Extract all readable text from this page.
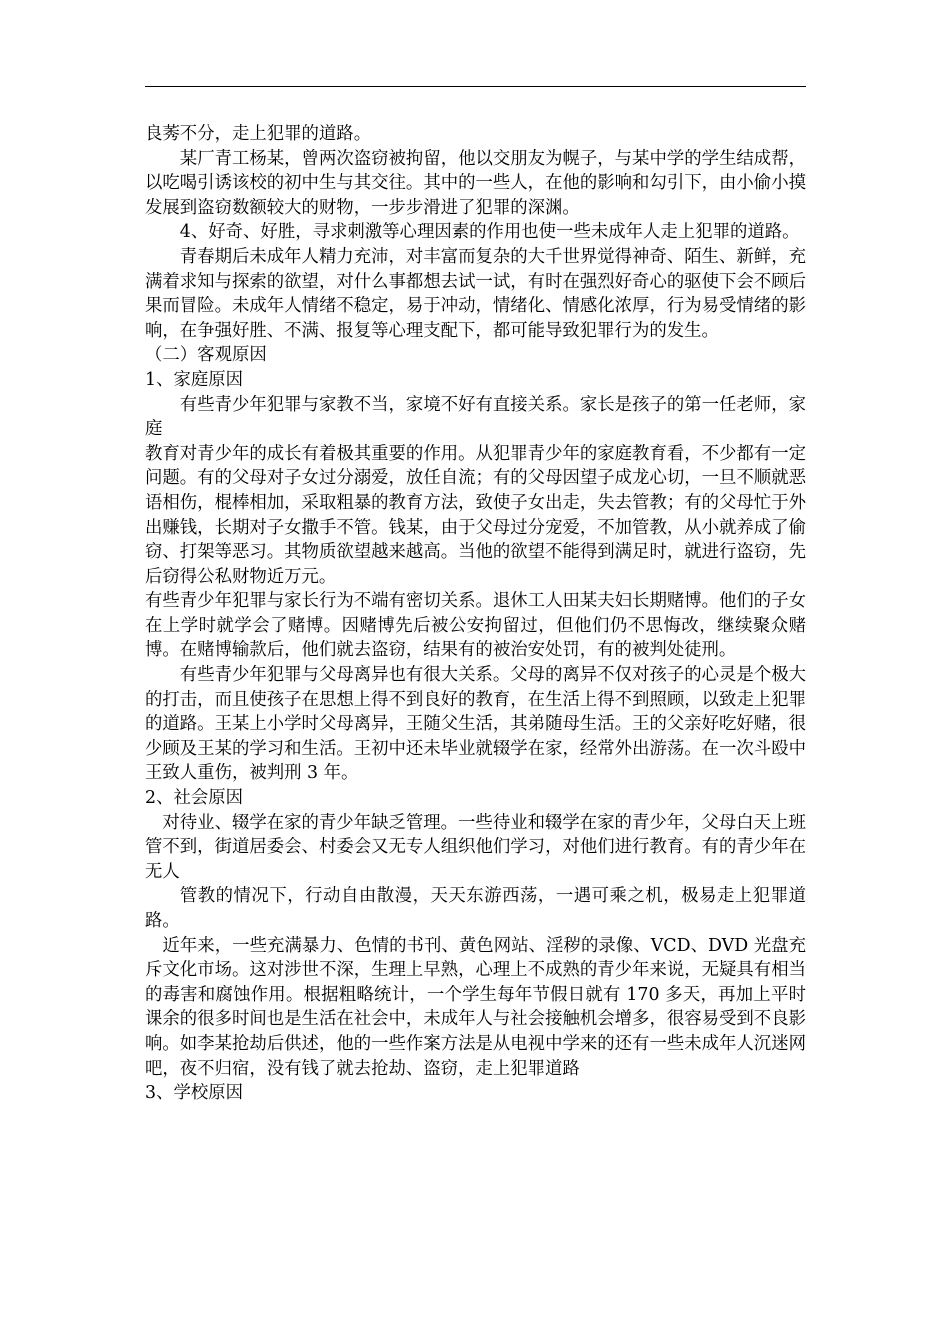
良莠不分，走上犯罪的道路。

某厂青工杨某，曾两次盗窃被拘留，他以交朋友为幌子，与某中学的学生结成帮，以吃喝引诱该校的初中生与其交往。其中的一些人，在他的影响和勾引下，由小偷小摸发展到盗窃数额较大的财物，一步步滑进了犯罪的深渊。

4、好奇、好胜，寻求刺激等心理因素的作用也使一些未成年人走上犯罪的道路。

青春期后未成年人精力充沛，对丰富而复杂的大千世界觉得神奇、陌生、新鲜，充满着求知与探索的欲望，对什么事都想去试一试，有时在强烈好奇心的驱使下会不顾后果而冒险。未成年人情绪不稳定，易于冲动，情绪化、情感化浓厚，行为易受情绪的影响，在争强好胜、不满、报复等心理支配下，都可能导致犯罪行为的发生。

（二）客观原因

1、家庭原因

有些青少年犯罪与家教不当，家境不好有直接关系。家长是孩子的第一任老师，家庭

教育对青少年的成长有着极其重要的作用。从犯罪青少年的家庭教育看，不少都有一定问题。有的父母对子女过分溺爱，放任自流；有的父母因望子成龙心切，一旦不顺就恶语相伤，棍棒相加，采取粗暴的教育方法，致使子女出走，失去管教；有的父母忙于外出赚钱，长期对子女撒手不管。钱某，由于父母过分宠爱，不加管教，从小就养成了偷窃、打架等恶习。其物质欲望越来越高。当他的欲望不能得到满足时，就进行盗窃，先后窃得公私财物近万元。

有些青少年犯罪与家长行为不端有密切关系。退休工人田某夫妇长期赌博。他们的子女在上学时就学会了赌博。因赌博先后被公安拘留过，但他们仍不思悔改，继续聚众赌博。在赌博输款后，他们就去盗窃，结果有的被治安处罚，有的被判处徒刑。

有些青少年犯罪与父母离异也有很大关系。父母的离异不仅对孩子的心灵是个极大的打击，而且使孩子在思想上得不到良好的教育，在生活上得不到照顾，以致走上犯罪的道路。王某上小学时父母离异，王随父生活，其弟随母生活。王的父亲好吃好赌，很少顾及王某的学习和生活。王初中还未毕业就辍学在家，经常外出游荡。在一次斗殴中王致人重伤，被判刑 3 年。

2、社会原因

对待业、辍学在家的青少年缺乏管理。一些待业和辍学在家的青少年，父母白天上班

管不到，街道居委会、村委会又无专人组织他们学习，对他们进行教育。有的青少年在无人

管教的情况下，行动自由散漫，天天东游西荡，一遇可乘之机，极易走上犯罪道路。

近年来，一些充满暴力、色情的书刊、黄色网站、淫秽的录像、VCD、DVD 光盘充斥文化市场。这对涉世不深，生理上早熟，心理上不成熟的青少年来说，无疑具有相当的毒害和腐蚀作用。根据粗略统计，一个学生每年节假日就有 170 多天，再加上平时课余的很多时间也是生活在社会中，未成年人与社会接触机会增多，很容易受到不良影响。如李某抢劫后供述，他的一些作案方法是从电视中学来的还有一些未成年人沉迷网吧，夜不归宿，没有钱了就去抢劫、盗窃，走上犯罪道路

3、学校原因
